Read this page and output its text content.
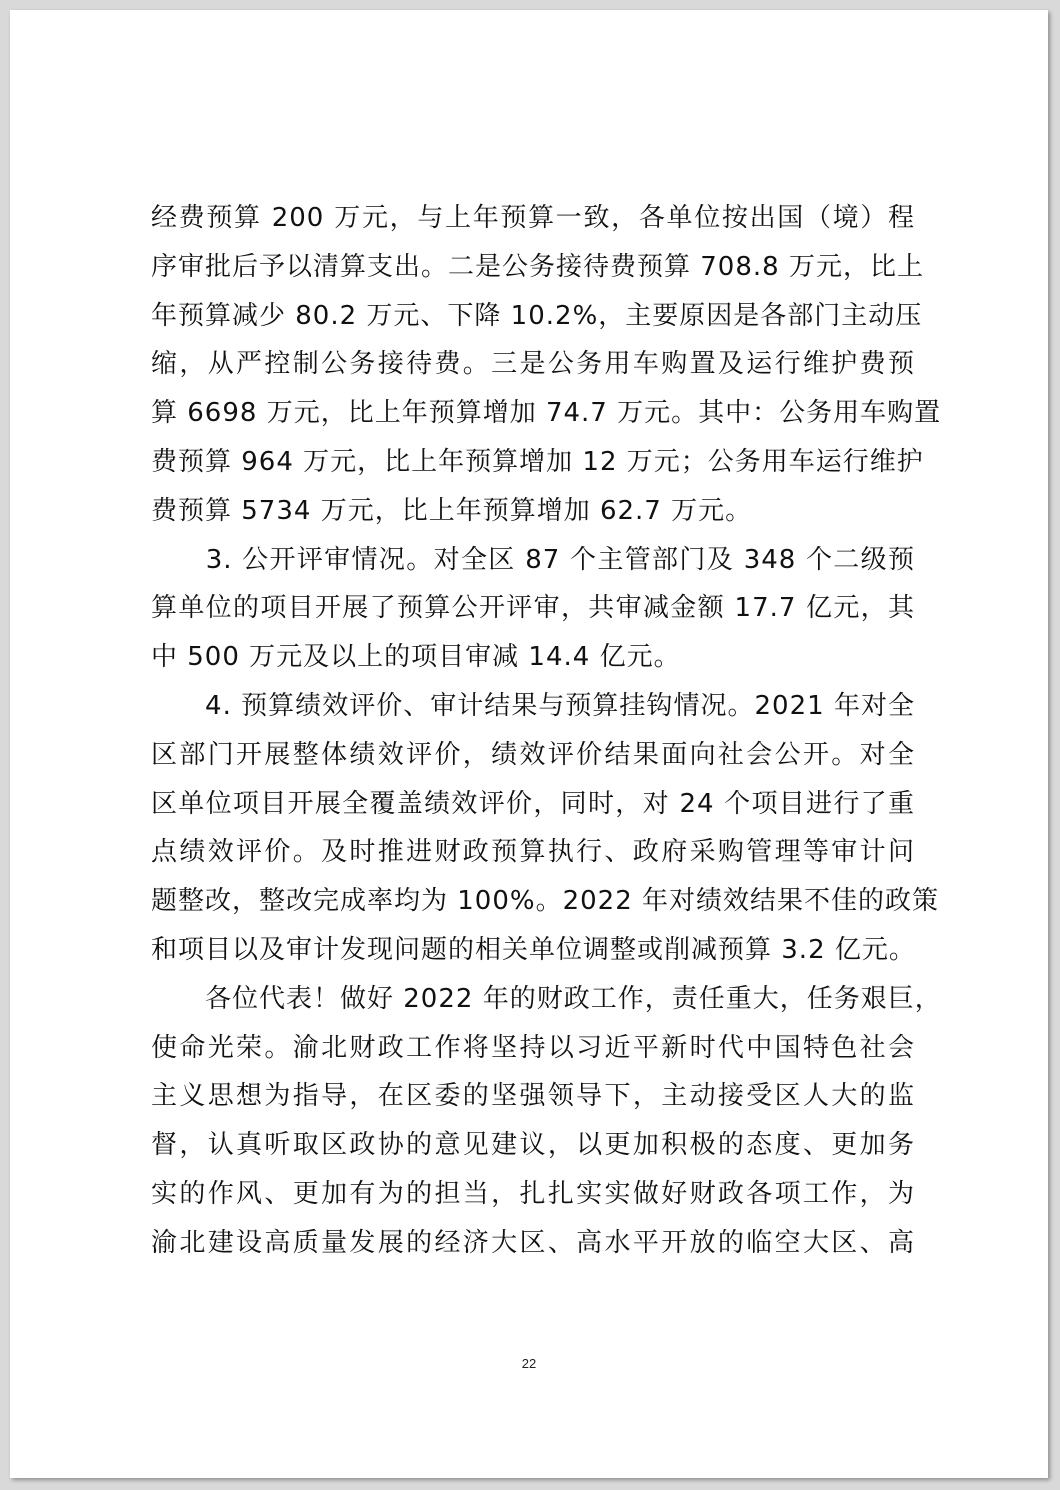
经费预算 200 万元，与上年预算一致，各单位按出国（境）程
序审批后予以清算支出。二是公务接待费预算 708.8 万元，比上
年预算减少 80.2 万元、下降 10.2%，主要原因是各部门主动压
缩，从严控制公务接待费。三是公务用车购置及运行维护费预
算 6698 万元，比上年预算增加 74.7 万元。其中：公务用车购置
费预算 964 万元，比上年预算增加 12 万元；公务用车运行维护
费预算 5734 万元，比上年预算增加 62.7 万元。

　　3. 公开评审情况。对全区 87 个主管部门及 348 个二级预
算单位的项目开展了预算公开评审，共审减金额 17.7 亿元，其
中 500 万元及以上的项目审减 14.4 亿元。

　　4. 预算绩效评价、审计结果与预算挂钩情况。2021 年对全
区部门开展整体绩效评价，绩效评价结果面向社会公开。对全
区单位项目开展全覆盖绩效评价，同时，对 24 个项目进行了重
点绩效评价。及时推进财政预算执行、政府采购管理等审计问
题整改，整改完成率均为 100%。2022 年对绩效结果不佳的政策
和项目以及审计发现问题的相关单位调整或削减预算 3.2 亿元。

　　各位代表！做好 2022 年的财政工作，责任重大，任务艰巨，
使命光荣。渝北财政工作将坚持以习近平新时代中国特色社会
主义思想为指导，在区委的坚强领导下，主动接受区人大的监
督，认真听取区政协的意见建议，以更加积极的态度、更加务
实的作风、更加有为的担当，扎扎实实做好财政各项工作，为
渝北建设高质量发展的经济大区、高水平开放的临空大区、高

22
